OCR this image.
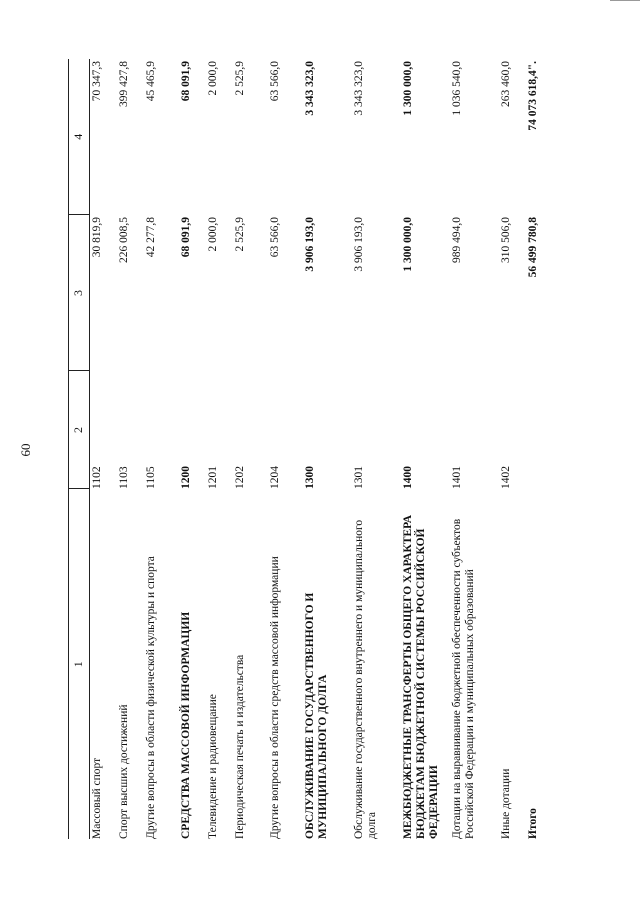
60
1	2	3	4
Массовый спорт	1102	30 819,9	70 347,3
Спорт высших достижений	1103	226 008,5	399 427,8
Другие вопросы в области физической культуры и спорта	1105	42 277,8	45 465,9
СРЕДСТВА МАССОВОЙ ИНФОРМАЦИИ	1200	68 091,9	68 091,9
Телевидение и радиовещание	1201	2 000,0	2 000,0
Периодическая печать и издательства	1202	2 525,9	2 525,9
Другие вопросы в области средств массовой информации	1204	63 566,0	63 566,0
ОБСЛУЖИВАНИЕ ГОСУДАРСТВЕННОГО И МУНИЦИПАЛЬНОГО ДОЛГА	1300	3 906 193,0	3 343 323,0
Обслуживание государственного внутреннего и муниципального долга	1301	3 906 193,0	3 343 323,0
МЕЖБЮДЖЕТНЫЕ ТРАНСФЕРТЫ ОБЩЕГО ХАРАКТЕРА БЮДЖЕТАМ БЮДЖЕТНОЙ СИСТЕМЫ РОССИЙСКОЙ ФЕДЕРАЦИИ	1400	1 300 000,0	1 300 000,0
Дотации на выравнивание бюджетной обеспеченности субъектов Российской Федерации и муниципальных образований	1401	989 494,0	1 036 540,0
Иные дотации	1402	310 506,0	263 460,0
Итого		56 499 780,8	74 073 618,4".
